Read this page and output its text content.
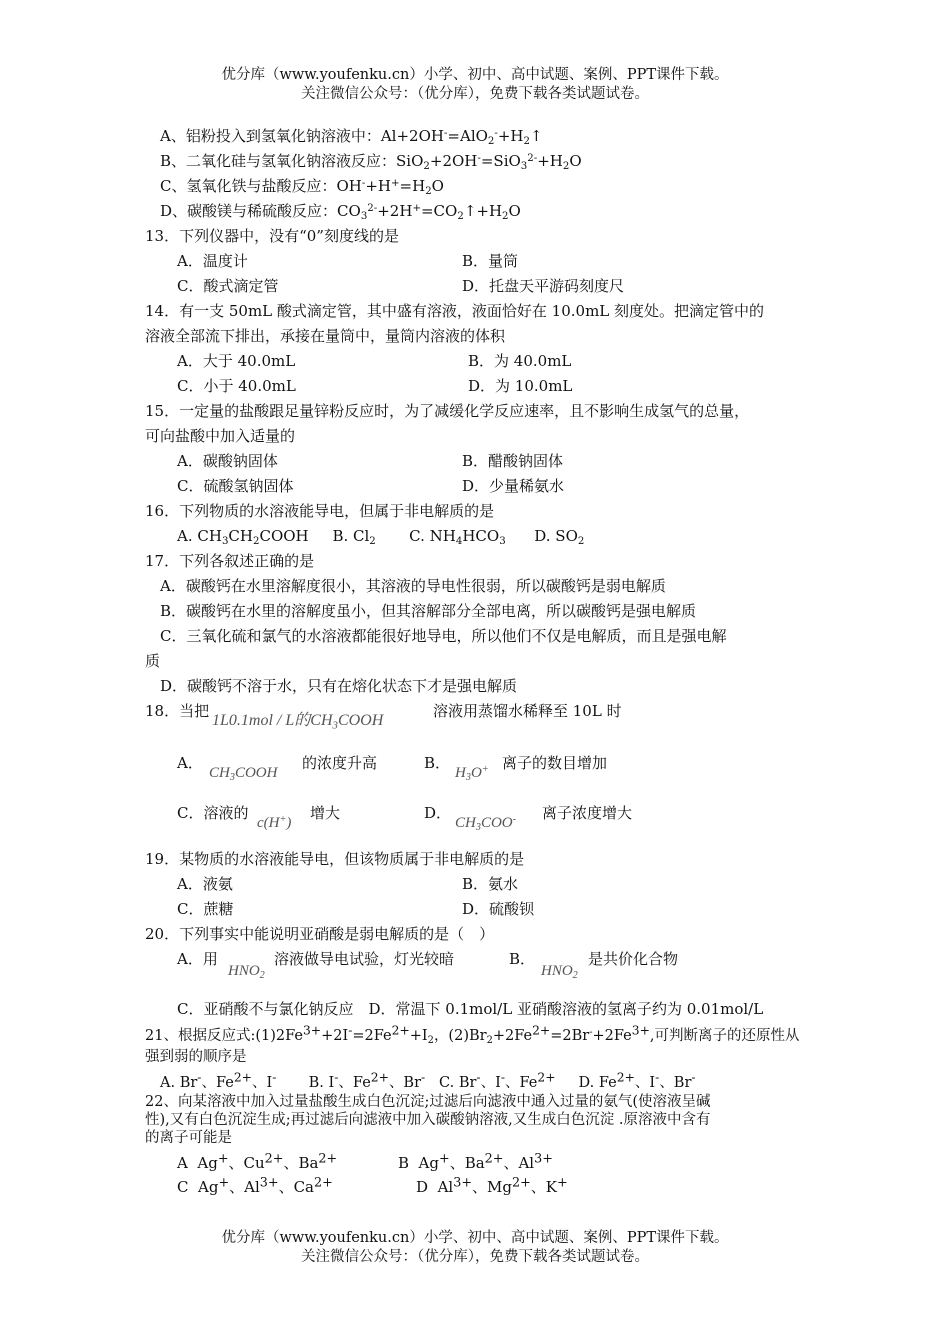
优分库（www.youfenku.cn）小学、初中、高中试题、案例、PPT课件下载。
关注微信公众号：（优分库），免费下载各类试题试卷。
A、铝粉投入到氢氧化钠溶液中：$Al+2OH^-=AlO_2^-+H_2↑$
B、二氧化硅与氢氧化钠溶液反应：$SiO_2+2OH^-=SiO_3^{2-}+H_2O$
C、氢氧化铁与盐酸反应：$OH^-+H^+=H_2O$
D、碳酸镁与稀硫酸反应：$CO_3^{2-}+2H^+=CO_2↑+H_2O$
13．下列仪器中，没有“0”刻度线的是
A．温度计	B．量筒
C．酸式滴定管	D．托盘天平游码刻度尺
14．有一支 50mL 酸式滴定管，其中盛有溶液，液面恰好在 10.0mL 刻度处。把滴定管中的
溶液全部流下排出，承接在量筒中，量筒内溶液的体积
A．大于 40.0mL	B．为 40.0mL
C．小于 40.0mL	D．为 10.0mL
15．一定量的盐酸跟足量锌粉反应时，为了减缓化学反应速率，且不影响生成氢气的总量，
可向盐酸中加入适量的
A．碳酸钠固体	B．醋酸钠固体
C．硫酸氢钠固体	D．少量稀氨水
16．下列物质的水溶液能导电，但属于非电解质的是
A. $CH_3CH_2COOH$     B. $Cl_2$       C. $NH_4HCO_3$      D. $SO_2$
17．下列各叙述正确的是
A．碳酸钙在水里溶解度很小，其溶液的导电性很弱，所以碳酸钙是弱电解质
B．碳酸钙在水里的溶解度虽小，但其溶解部分全部电离，所以碳酸钙是强电解质
C．三氧化硫和氯气的水溶液都能很好地导电，所以他们不仅是电解质，而且是强电解
质
D．碳酸钙不溶于水，只有在熔化状态下才是强电解质
18．当把
1L0.1mol / L的$CH_3COOH$
溶液用蒸馏水稀释至 10L 时
A．
$CH_3COOH$
的浓度升高	B．
$H_3O^+$ 离子的数目增加
C．溶液的
c(H+)
增大	D．
$CH_3COO^-$ 离子浓度增大
19．某物质的水溶液能导电，但该物质属于非电解质的是
A．液氨	B．氨水
C．蔗糖	D．硫酸钡
20．下列事实中能说明亚硝酸是弱电解质的是（　）
A．用
$HNO_2$
溶液做导电试验，灯光较暗	B．
$HNO_2$
是共价化合物
C．亚硝酸不与氯化钠反应　D．常温下 0.1mol/L 亚硝酸溶液的氢离子约为 0.01mol/L
21、根据反应式$:(1)2Fe^{3+}+2I^-=2Fe^{2+}+I_2$，$(2)Br_2+2Fe^{2+}=2Br^-+2Fe^{3+}$,可判断离子的还原性从
强到弱的顺序是
A. Br-、$Fe^{2+}$、I-       B. I-、$Fe^{2+}$、Br-   C. Br-、I-、$Fe^{2+}$     D. $Fe^{2+}$、I-、Br-
22、向某溶液中加入过量盐酸生成白色沉淀;过滤后向滤液中通入过量的氨气(使溶液呈碱
性),又有白色沉淀生成;再过滤后向滤液中加入碳酸钠溶液,又生成白色沉淀 .原溶液中含有
的离子可能是
A  Ag+、$Cu^{2+}$、$Ba^{2+}$	B  Ag+、$Ba^{2+}$、$Al^{3+}$
C  Ag+、$Al^{3+}$、$Ca^{2+}$	D  $Al^{3+}$、$Mg^{2+}$、K+
优分库（www.youfenku.cn）小学、初中、高中试题、案例、PPT课件下载。
关注微信公众号：（优分库），免费下载各类试题试卷。
